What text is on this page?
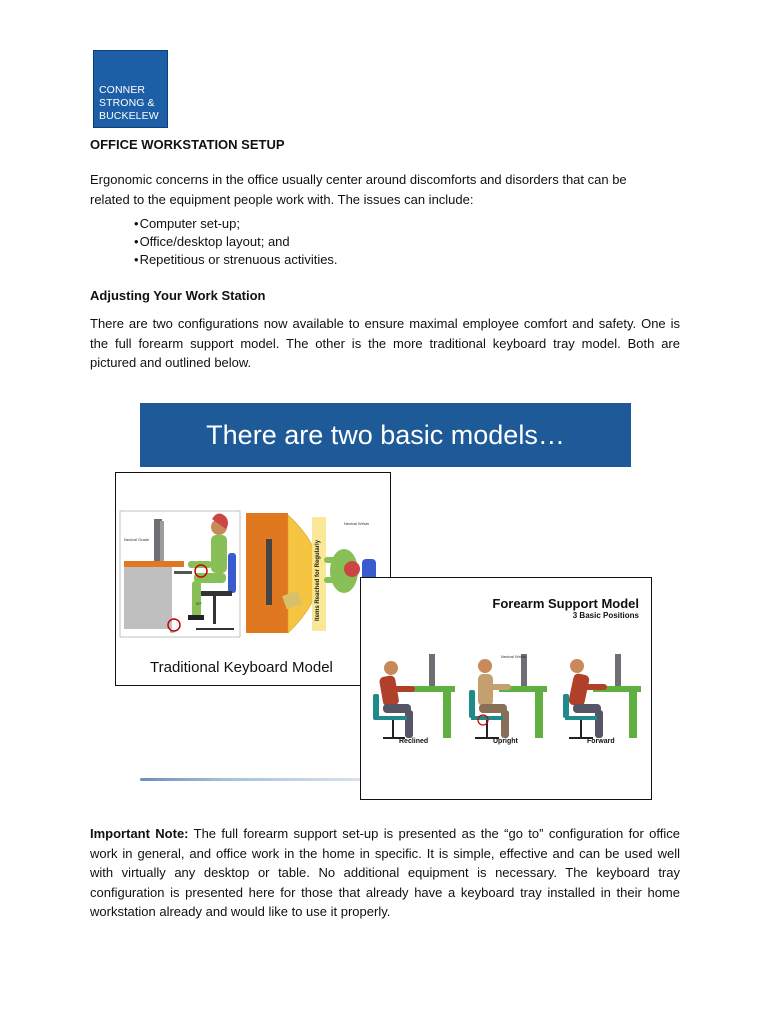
CONNER
STRONG &
BUCKELEW
OFFICE WORKSTATION SETUP
Ergonomic concerns in the office usually center around discomforts and disorders that can be related to the equipment people work with. The issues can include:
• Computer set-up;
• Office/desktop layout; and
• Repetitious or strenuous activities.
Adjusting Your Work Station
There are two configurations now available to ensure maximal employee comfort and safety. One is the full forearm support model. The other is the more traditional keyboard tray model. Both are pictured and outlined below.
There are two basic models…
Neutral Grade
90°
90°
Items Reached for Regularly
Neutral Wrists
Traditional Keyboard Model
Forearm Support Model
3 Basic Positions
Neutral Wrists
Reclined	Upright	Forward
Important Note: The full forearm support set-up is presented as the “go to” configuration for office work in general, and office work in the home in specific. It is simple, effective and can be used well with virtually any desktop or table. No additional equipment is necessary. The keyboard tray configuration is presented here for those that already have a keyboard tray installed in their home workstation already and would like to use it properly.
